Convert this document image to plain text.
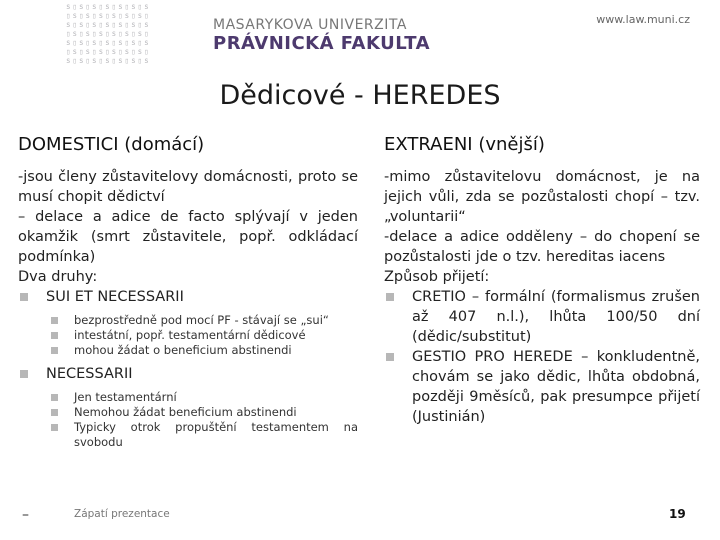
ѕ▯ѕ▯ѕ▯ѕ▯ѕ▯ѕ▯ѕ
▯ѕ▯ѕ▯ѕ▯ѕ▯ѕ▯ѕ▯
ѕ▯ѕ▯ѕ▯ѕ▯ѕ▯ѕ▯ѕ
▯ѕ▯ѕ▯ѕ▯ѕ▯ѕ▯ѕ▯
ѕ▯ѕ▯ѕ▯ѕ▯ѕ▯ѕ▯ѕ
▯ѕ▯ѕ▯ѕ▯ѕ▯ѕ▯ѕ▯
ѕ▯ѕ▯ѕ▯ѕ▯ѕ▯ѕ▯ѕ
MASARYKOVA UNIVERZITA
PRÁVNICKÁ FAKULTA
www.law.muni.cz
Dědicové - HEREDES
DOMESTICI (domácí)
-jsou členy zůstavitelovy domácnosti, proto se musí chopit dědictví
– delace a adice de facto splývají v jeden okamžik (smrt zůstavitele, popř. odkládací podmínka)
Dva druhy:
SUI ET NECESSARII
bezprostředně pod mocí PF - stávají se „sui“
intestátní, popř. testamentární dědicové
mohou žádat o beneficium abstinendi
NECESSARII
Jen testamentární
Nemohou žádat beneficium abstinendi
Typicky otrok propuštění testamentem na svobodu
EXTRAENI (vnější)
-mimo zůstavitelovu domácnost, je na jejich vůli, zda se pozůstalosti chopí – tzv. „voluntarii“
-delace a adice odděleny – do chopení se pozůstalosti jde o tzv. hereditas iacens
Způsob přijetí:
CRETIO – formální (formalismus zrušen až 407 n.l.), lhůta 100/50 dní (dědic/substitut)
GESTIO PRO HEREDE – konkludentně, chovám se jako dědic, lhůta obdobná, později 9měsíců, pak presumpce přijetí (Justinián)
–	Zápatí prezentace	19
